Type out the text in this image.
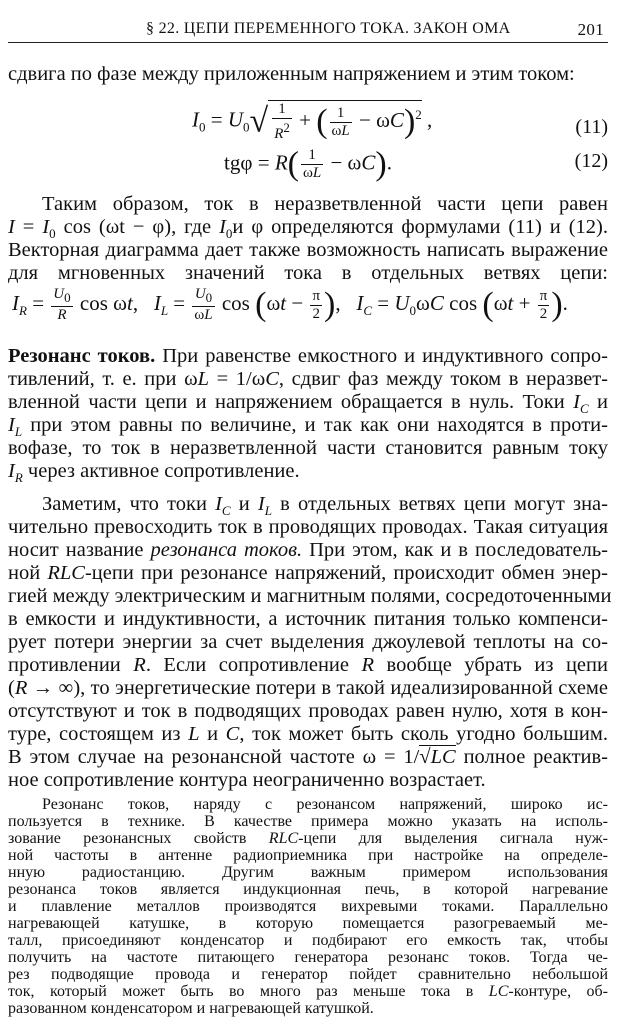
§ 22. ЦЕПИ ПЕРЕМЕННОГО ТОКА. ЗАКОН ОМА	201
сдвига по фазе между приложенным напряжением и этим током:
$I_0 = U_0√ \frac{1}{R^2}$ + ( $\frac{1}{\omega L} - \omega C)^2$ ,	(11)
$tg\varphi = R( \frac{1}{\omega L} - \omega C)$.	(12)
Таким образом, ток в неразветвленной части цепи равен
$I = I_0$ cos (ωt − φ), где $I_0и$ φ определяются формулами (11) и (12).
Векторная диаграмма дает также возможность написать выражение
для мгновенных значений тока в отдельных ветвях цепи:
$I_R = \frac{U_0}{R}$ cos ωt,   $I_L = \frac{U_0}{\omega L}$ $\cos (\omega t - \frac{\pi}{2}$ ),   $I_C = U_0\omega C$ $\cos (\omega t + \frac{\pi}{2}$ ).
Резонанс токов. При равенстве емкостного и индуктивного сопро-
тивлений, т. е. при ωL = 1/ωC, сдвиг фаз между током в неразвет-
вленной части цепи и напряжением обращается в нуль. Токи $I_C$ и
$I_L$ при этом равны по величине, и так как они находятся в проти-
вофазе, то ток в неразветвленной части становится равным току
$I_R$ через активное сопротивление.
Заметим, что токи $I_C$ и $I_L$ в отдельных ветвях цепи могут зна-
чительно превосходить ток в проводящих проводах. Такая ситуация
носит название резонанса токов. При этом, как и в последователь-
ной RLC-цепи при резонансе напряжений, происходит обмен энер-
гией между электрическим и магнитным полями, сосредоточенными
в емкости и индуктивности, а источник питания только компенси-
рует потери энергии за счет выделения джоулевой теплоты на со-
противлении R. Если сопротивление R вообще убрать из цепи
(R → ∞), то энергетические потери в такой идеализированной схеме
отсутствуют и ток в подводящих проводах равен нулю, хотя в кон-
туре, состоящем из L и C, ток может быть сколь угодно большим.
В этом случае на резонансной частоте ω = 1/√LC полное реактив-
ное сопротивление контура неограниченно возрастает.
Резонанс токов, наряду с резонансом напряжений, широко ис-
пользуется в технике. В качестве примера можно указать на исполь-
зование резонансных свойств RLC-цепи для выделения сигнала нуж-
ной частоты в антенне радиоприемника при настройке на определе-
нную радиостанцию. Другим важным примером использования
резонанса токов является индукционная печь, в которой нагревание
и плавление металлов производятся вихревыми токами. Параллельно
нагревающей катушке, в которую помещается разогреваемый ме-
талл, присоединяют конденсатор и подбирают его емкость так, чтобы
получить на частоте питающего генератора резонанс токов. Тогда че-
рез подводящие провода и генератор пойдет сравнительно небольшой
ток, который может быть во много раз меньше тока в LC-контуре, об-
разованном конденсатором и нагревающей катушкой.
